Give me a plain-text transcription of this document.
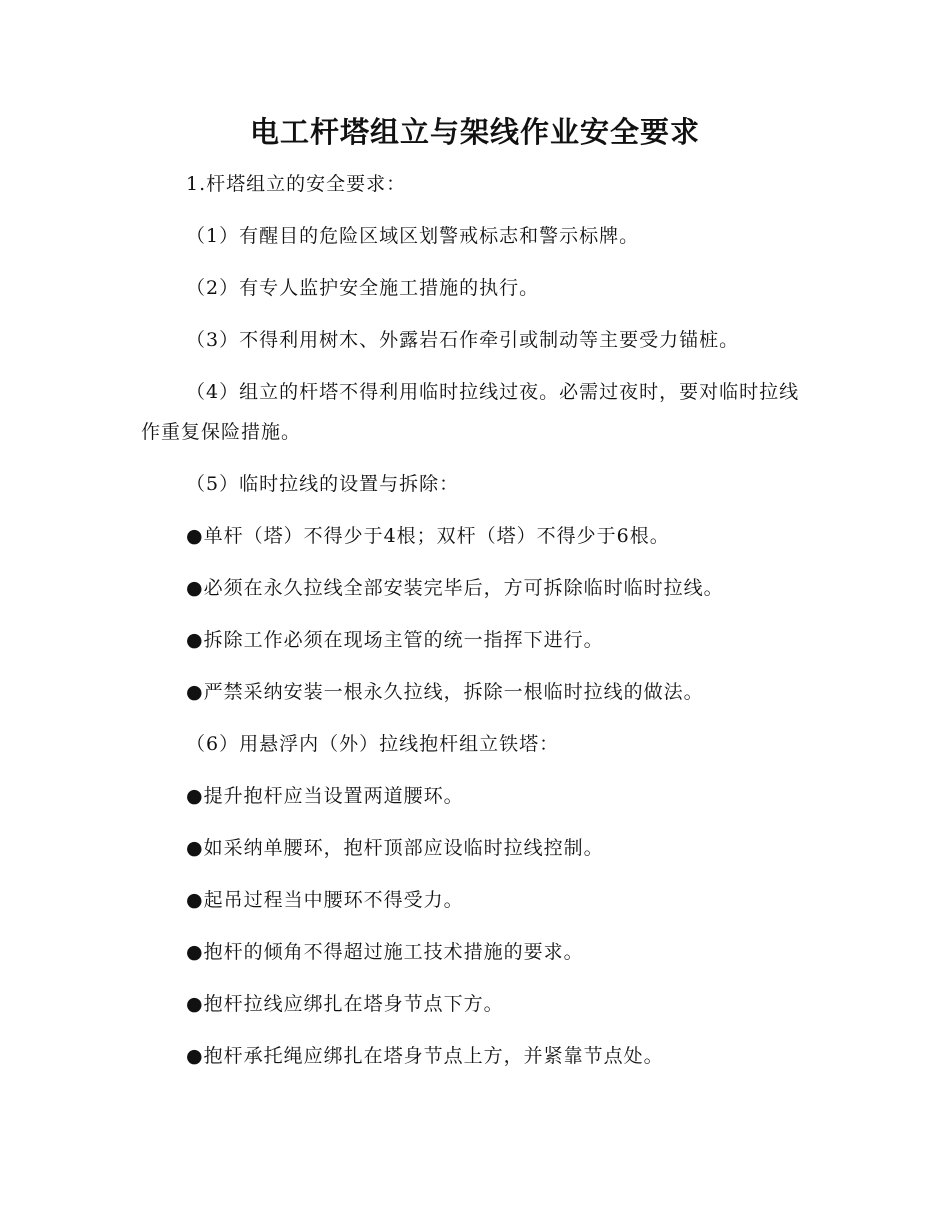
电工杆塔组立与架线作业安全要求

1.杆塔组立的安全要求：

（1）有醒目的危险区域区划警戒标志和警示标牌。

（2）有专人监护安全施工措施的执行。

（3）不得利用树木、外露岩石作牵引或制动等主要受力锚桩。

（4）组立的杆塔不得利用临时拉线过夜。必需过夜时，要对临时拉线作重复保险措施。

（5）临时拉线的设置与拆除：

●单杆（塔）不得少于4根；双杆（塔）不得少于6根。

●必须在永久拉线全部安装完毕后，方可拆除临时临时拉线。

●拆除工作必须在现场主管的统一指挥下进行。

●严禁采纳安装一根永久拉线，拆除一根临时拉线的做法。

（6）用悬浮内（外）拉线抱杆组立铁塔：

●提升抱杆应当设置两道腰环。

●如采纳单腰环，抱杆顶部应设临时拉线控制。

●起吊过程当中腰环不得受力。

●抱杆的倾角不得超过施工技术措施的要求。

●抱杆拉线应绑扎在塔身节点下方。

●抱杆承托绳应绑扎在塔身节点上方，并紧靠节点处。
